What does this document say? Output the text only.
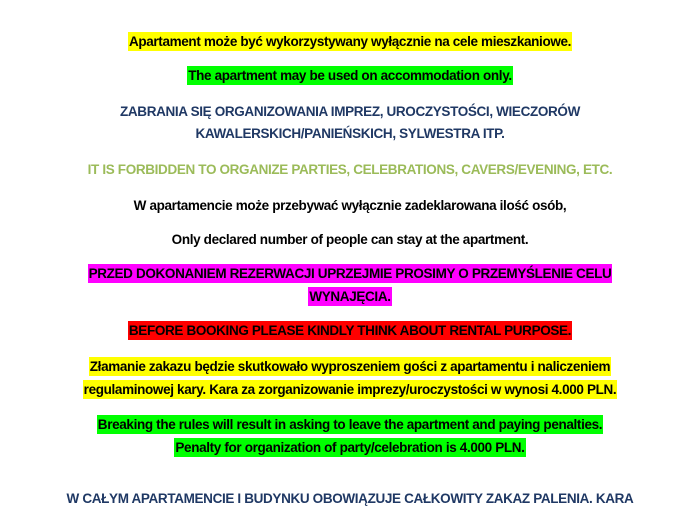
Apartament może być wykorzystywany wyłącznie na cele mieszkaniowe.
The apartment may be used on accommodation only.
ZABRANIA SIĘ ORGANIZOWANIA IMPREZ, UROCZYSTOŚCI, WIECZORÓW
KAWALERSKICH/PANIEŃSKICH, SYLWESTRA ITP.
IT IS FORBIDDEN TO ORGANIZE PARTIES, CELEBRATIONS, CAVERS/EVENING, ETC.
W apartamencie może przebywać wyłącznie zadeklarowana ilość osób,
Only declared number of people can stay at the apartment.
PRZED DOKONANIEM REZERWACJI UPRZEJMIE PROSIMY O PRZEMYŚLENIE CELU
WYNAJĘCIA.
BEFORE BOOKING PLEASE KINDLY THINK ABOUT RENTAL PURPOSE.
Złamanie zakazu będzie skutkowało wyproszeniem gości z apartamentu i naliczeniem
regulaminowej kary. Kara za zorganizowanie imprezy/uroczystości w wynosi 4.000 PLN.
Breaking the rules will result in asking to leave the apartment and paying penalties.
Penalty for organization of party/celebration is 4.000 PLN.
W CAŁYM APARTAMENCIE I BUDYNKU OBOWIĄZUJE CAŁKOWITY ZAKAZ PALENIA. KARA
